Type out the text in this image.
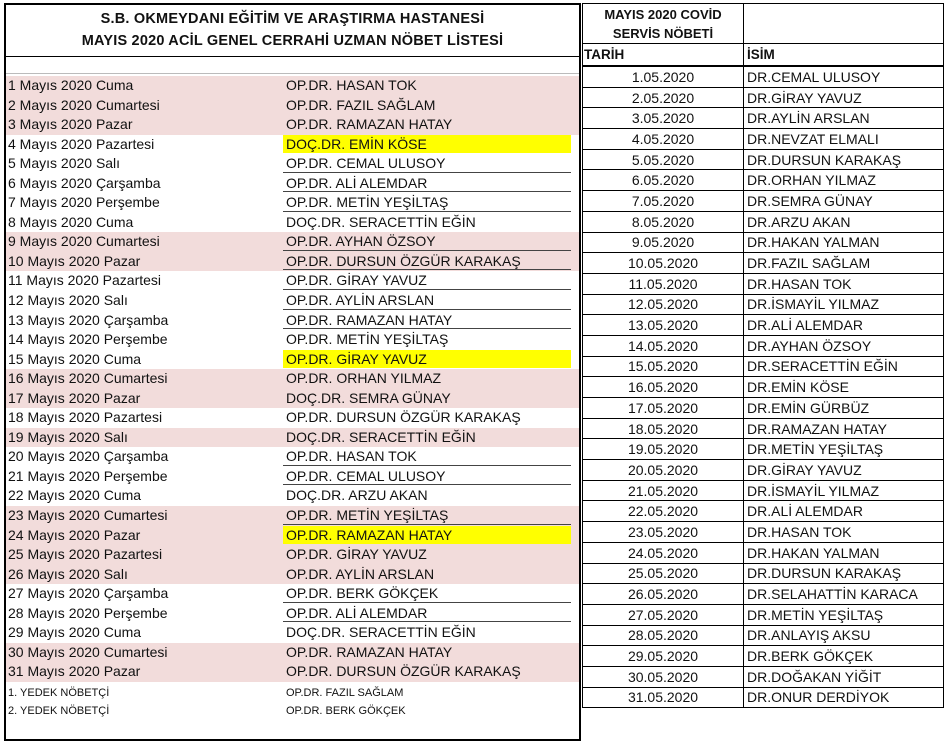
S.B. OKMEYDANI EĞİTİM VE ARAŞTIRMA HASTANESİ
MAYIS 2020 ACİL GENEL CERRAHİ UZMAN NÖBET LİSTESİ
1 Mayıs 2020 Cuma	OP.DR. HASAN TOK
2 Mayıs 2020 Cumartesi	OP.DR. FAZIL SAĞLAM
3 Mayıs 2020 Pazar	OP.DR. RAMAZAN HATAY
4 Mayıs 2020 Pazartesi	DOÇ.DR. EMİN KÖSE
5 Mayıs 2020 Salı	OP.DR. CEMAL ULUSOY
6 Mayıs 2020 Çarşamba	OP.DR. ALİ ALEMDAR
7 Mayıs 2020 Perşembe	OP.DR. METİN YEŞİLTAŞ
8 Mayıs 2020 Cuma	DOÇ.DR. SERACETTİN EĞİN
9 Mayıs 2020 Cumartesi	OP.DR. AYHAN ÖZSOY
10 Mayıs 2020 Pazar	OP.DR. DURSUN ÖZGÜR KARAKAŞ
11 Mayıs 2020 Pazartesi	OP.DR. GİRAY YAVUZ
12 Mayıs 2020 Salı	OP.DR. AYLİN ARSLAN
13 Mayıs 2020 Çarşamba	OP.DR. RAMAZAN HATAY
14 Mayıs 2020 Perşembe	OP.DR. METİN YEŞİLTAŞ
15 Mayıs 2020 Cuma	OP.DR. GİRAY YAVUZ
16 Mayıs 2020 Cumartesi	OP.DR. ORHAN YILMAZ
17 Mayıs 2020 Pazar	DOÇ.DR. SEMRA GÜNAY
18 Mayıs 2020 Pazartesi	OP.DR. DURSUN ÖZGÜR KARAKAŞ
19 Mayıs 2020 Salı	DOÇ.DR. SERACETTİN EĞİN
20 Mayıs 2020 Çarşamba	OP.DR. HASAN TOK
21 Mayıs 2020 Perşembe	OP.DR. CEMAL ULUSOY
22 Mayıs 2020 Cuma	DOÇ.DR. ARZU AKAN
23 Mayıs 2020 Cumartesi	OP.DR. METİN YEŞİLTAŞ
24 Mayıs 2020 Pazar	OP.DR. RAMAZAN HATAY
25 Mayıs 2020 Pazartesi	OP.DR. GİRAY YAVUZ
26 Mayıs 2020 Salı	OP.DR. AYLİN ARSLAN
27 Mayıs 2020 Çarşamba	OP.DR. BERK GÖKÇEK
28 Mayıs 2020 Perşembe	OP.DR. ALİ ALEMDAR
29 Mayıs 2020 Cuma	DOÇ.DR. SERACETTİN EĞİN
30 Mayıs 2020 Cumartesi	OP.DR. RAMAZAN HATAY
31 Mayıs 2020 Pazar	OP.DR. DURSUN ÖZGÜR KARAKAŞ
1. YEDEK NÖBETÇİ	OP.DR. FAZIL SAĞLAM
2. YEDEK NÖBETÇİ	OP.DR. BERK GÖKÇEK
MAYIS 2020 COVİD
SERVİS NÖBETİ	

TARİH	İSİM
1.05.2020	DR.CEMAL ULUSOY
2.05.2020	DR.GİRAY YAVUZ
3.05.2020	DR.AYLİN ARSLAN
4.05.2020	DR.NEVZAT ELMALI
5.05.2020	DR.DURSUN KARAKAŞ
6.05.2020	DR.ORHAN YILMAZ
7.05.2020	DR.SEMRA GÜNAY
8.05.2020	DR.ARZU AKAN
9.05.2020	DR.HAKAN YALMAN
10.05.2020	DR.FAZIL SAĞLAM
11.05.2020	DR.HASAN TOK
12.05.2020	DR.İSMAYİL YILMAZ
13.05.2020	DR.ALİ ALEMDAR
14.05.2020	DR.AYHAN ÖZSOY
15.05.2020	DR.SERACETTİN EĞİN
16.05.2020	DR.EMİN KÖSE
17.05.2020	DR.EMİN GÜRBÜZ
18.05.2020	DR.RAMAZAN HATAY
19.05.2020	DR.METİN YEŞİLTAŞ
20.05.2020	DR.GİRAY YAVUZ
21.05.2020	DR.İSMAYİL YILMAZ
22.05.2020	DR.ALİ ALEMDAR
23.05.2020	DR.HASAN TOK
24.05.2020	DR.HAKAN YALMAN
25.05.2020	DR.DURSUN KARAKAŞ
26.05.2020	DR.SELAHATTİN KARACA
27.05.2020	DR.METİN YEŞİLTAŞ
28.05.2020	DR.ANLAYIŞ AKSU
29.05.2020	DR.BERK GÖKÇEK
30.05.2020	DR.DOĞAKAN YİĞİT
31.05.2020	DR.ONUR DERDİYOK
